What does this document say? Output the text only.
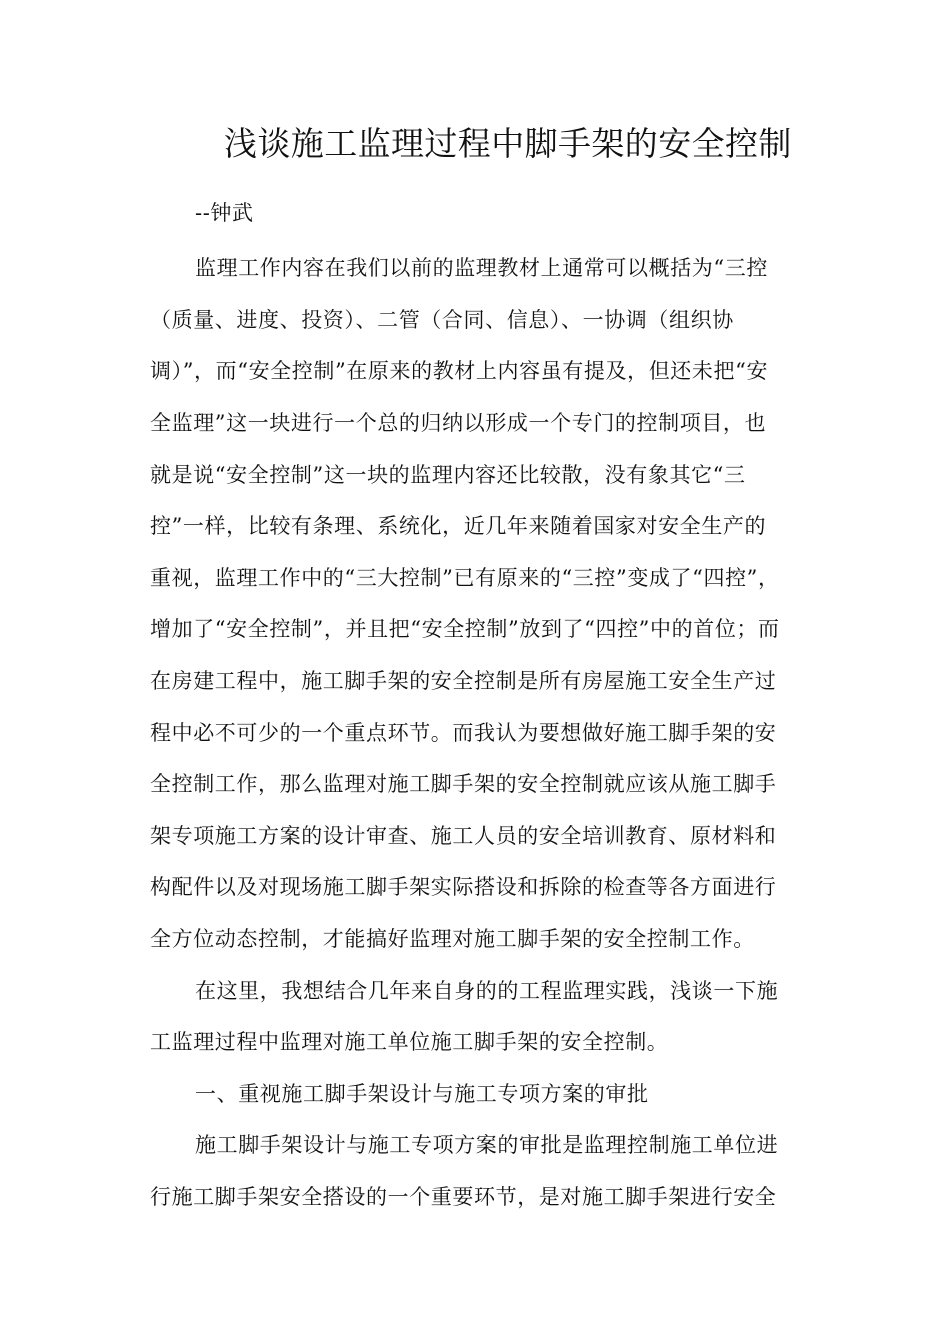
浅谈施工监理过程中脚手架的安全控制
--钟武
监理工作内容在我们以前的监理教材上通常可以概括为“三控
（质量、进度、投资）、二管（合同、信息）、一协调（组织协
调）”，而“安全控制”在原来的教材上内容虽有提及，但还未把“安
全监理”这一块进行一个总的归纳以形成一个专门的控制项目，也
就是说“安全控制”这一块的监理内容还比较散，没有象其它“三
控”一样，比较有条理、系统化，近几年来随着国家对安全生产的
重视，监理工作中的“三大控制”已有原来的“三控”变成了“四控”，
增加了“安全控制”，并且把“安全控制”放到了“四控”中的首位；而
在房建工程中，施工脚手架的安全控制是所有房屋施工安全生产过
程中必不可少的一个重点环节。而我认为要想做好施工脚手架的安
全控制工作，那么监理对施工脚手架的安全控制就应该从施工脚手
架专项施工方案的设计审查、施工人员的安全培训教育、原材料和
构配件以及对现场施工脚手架实际搭设和拆除的检查等各方面进行
全方位动态控制，才能搞好监理对施工脚手架的安全控制工作。
在这里，我想结合几年来自身的的工程监理实践，浅谈一下施
工监理过程中监理对施工单位施工脚手架的安全控制。
一、重视施工脚手架设计与施工专项方案的审批
施工脚手架设计与施工专项方案的审批是监理控制施工单位进
行施工脚手架安全搭设的一个重要环节，是对施工脚手架进行安全
